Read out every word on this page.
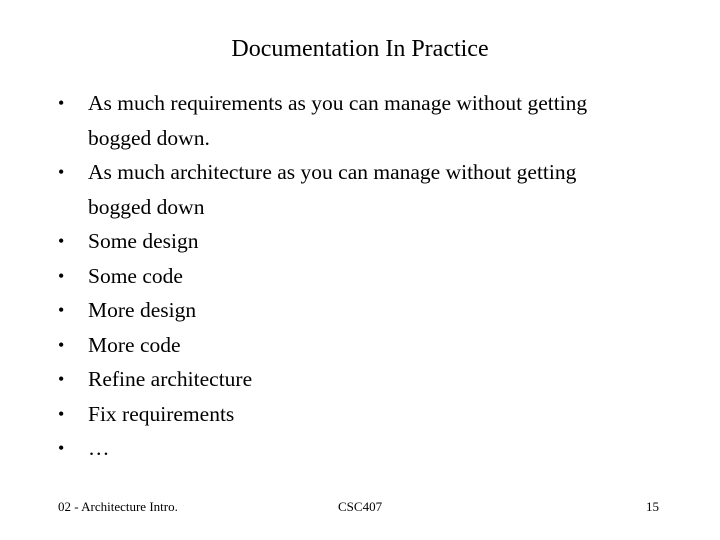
Documentation In Practice
•	As much requirements as you can manage without getting
bogged down.
•	As much architecture as you can manage without getting
bogged down
•	Some design
•	Some code
•	More design
•	More code
•	Refine architecture
•	Fix requirements
•	…
02 - Architecture Intro.	CSC407	15
